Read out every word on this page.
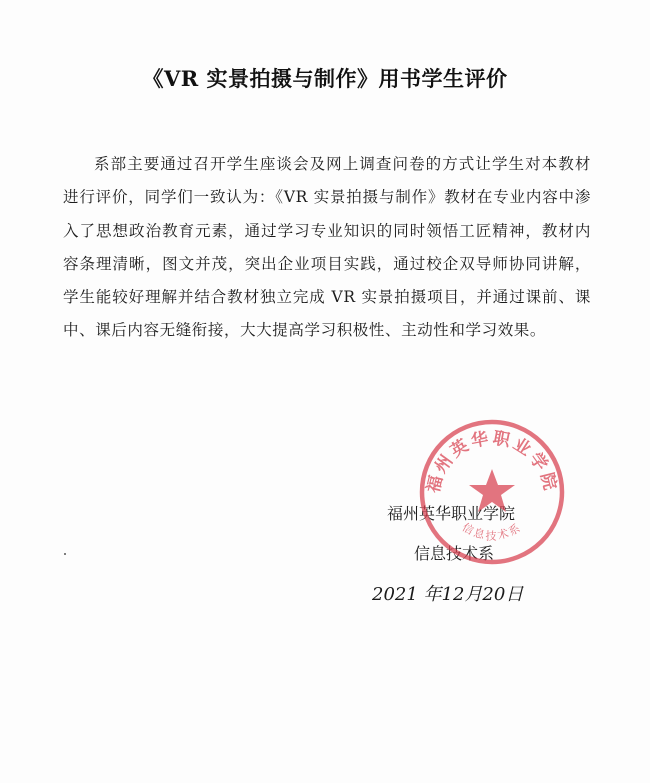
《VR 实景拍摄与制作》用书学生评价

系部主要通过召开学生座谈会及网上调查问卷的方式让学生对本教材进行评价，同学们一致认为：《VR 实景拍摄与制作》教材在专业内容中渗入了思想政治教育元素，通过学习专业知识的同时领悟工匠精神，教材内容条理清晰，图文并茂，突出企业项目实践，通过校企双导师协同讲解，学生能较好理解并结合教材独立完成 VR 实景拍摄项目，并通过课前、课中、课后内容无缝衔接，大大提高学习积极性、主动性和学习效果。

福州英华职业学院
信息技术系
2021 年12月20日
福州英华职业学院
信息技术系
